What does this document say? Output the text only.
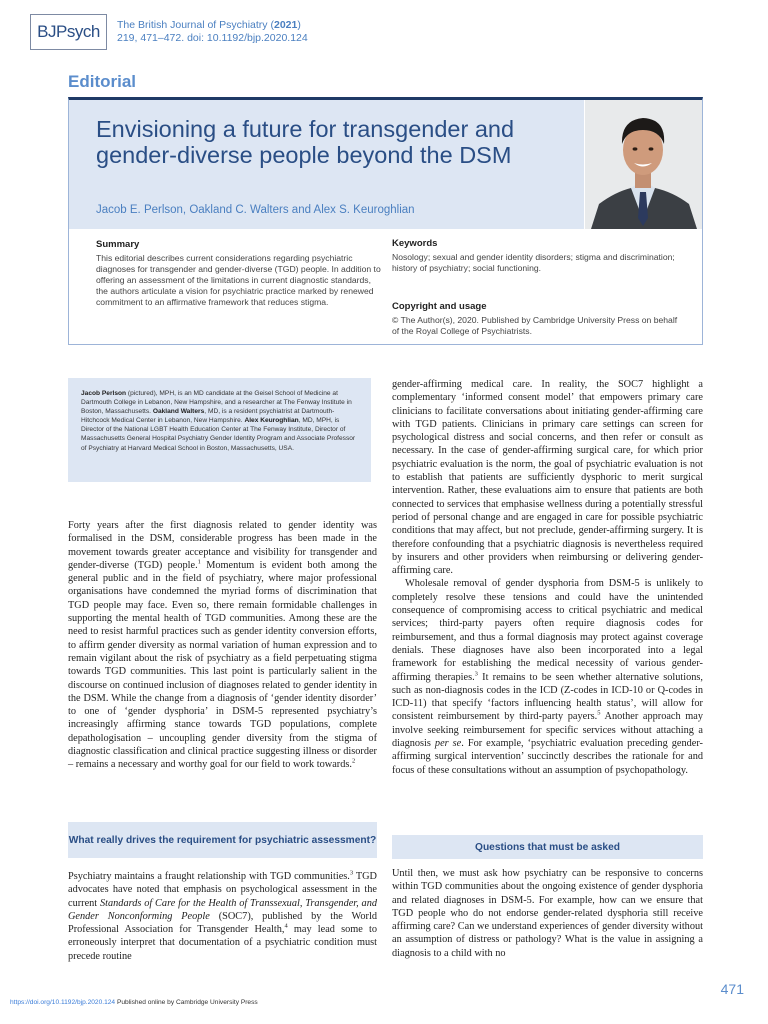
BJPsych The British Journal of Psychiatry (2021)
219, 471–472. doi: 10.1192/bjp.2020.124
Editorial
Envisioning a future for transgender and gender-diverse people beyond the DSM
Jacob E. Perlson, Oakland C. Walters and Alex S. Keuroghlian
Summary
This editorial describes current considerations regarding psychiatric diagnoses for transgender and gender-diverse (TGD) people. In addition to offering an assessment of the limitations in current diagnostic standards, the authors articulate a vision for psychiatric practice marked by renewed commitment to an affirmative framework that reduces stigma.
Keywords
Nosology; sexual and gender identity disorders; stigma and discrimination; history of psychiatry; social functioning.
Copyright and usage
© The Author(s), 2020. Published by Cambridge University Press on behalf of the Royal College of Psychiatrists.
Jacob Perlson (pictured), MPH, is an MD candidate at the Geisel School of Medicine at Dartmouth College in Lebanon, New Hampshire, and a researcher at The Fenway Institute in Boston, Massachusetts. Oakland Walters, MD, is a resident psychiatrist at Dartmouth-Hitchcock Medical Center in Lebanon, New Hampshire. Alex Keuroghlian, MD, MPH, is Director of the National LGBT Health Education Center at The Fenway Institute, Director of Massachusetts General Hospital Psychiatry Gender Identity Program and Associate Professor of Psychiatry at Harvard Medical School in Boston, Massachusetts, USA.

Forty years after the first diagnosis related to gender identity was formalised in the DSM, considerable progress has been made in the movement towards greater acceptance and visibility for transgender and gender-diverse (TGD) people.$^1$ Momentum is evident both among the general public and in the field of psychiatry, where major professional organisations have condemned the myriad forms of discrimination that TGD people may face. Even so, there remain formidable challenges in supporting the mental health of TGD communities. Among these are the need to resist harmful practices such as gender identity conversion efforts, to affirm gender diversity as normal variation of human expression and to remain vigilant about the risk of psychiatry as a field perpetuating stigma towards TGD communities. This last point is particularly salient in the discourse on continued inclusion of diagnoses related to gender identity in the DSM. While the change from a diagnosis of ‘gender identity disorder’ to one of ‘gender dysphoria’ in DSM-5 represented psychiatry’s increasingly affirming stance towards TGD populations, complete depathologisation – uncoupling gender diversity from the stigma of diagnostic classification and clinical practice suggesting illness or disorder – remains a necessary and worthy goal for our field to work towards.$^2$

What really drives the requirement for psychiatric assessment?

Psychiatry maintains a fraught relationship with TGD communities.$^3$ TGD advocates have noted that emphasis on psychological assessment in the current Standards of Care for the Health of Transsexual, Transgender, and Gender Nonconforming People (SOC7), published by the World Professional Association for Transgender Health,$^4$ may lead some to erroneously interpret that documentation of a psychiatric condition must precede routine

gender-affirming medical care. In reality, the SOC7 highlight a complementary ‘informed consent model’ that empowers primary care clinicians to facilitate conversations about initiating gender-affirming care with TGD patients. Clinicians in primary care settings can screen for psychological distress and social concerns, and then refer or consult as necessary. In the case of gender-affirming surgical care, for which prior psychiatric evaluation is the norm, the goal of psychiatric evaluation is not to establish that patients are sufficiently dysphoric to merit surgical intervention. Rather, these evaluations aim to ensure that patients are both connected to services that emphasise wellness during a potentially stressful period of personal change and are engaged in care for possible psychiatric conditions that may affect, but not preclude, gender-affirming surgery. It is therefore confounding that a psychiatric diagnosis is nevertheless required by insurers and other providers when reimbursing or delivering gender-affirming care.

Wholesale removal of gender dysphoria from DSM-5 is unlikely to completely resolve these tensions and could have the unintended consequence of compromising access to critical psychiatric and medical services; third-party payers often require diagnosis codes for reimbursement, and thus a formal diagnosis may protect against coverage denials. These diagnoses have also been incorporated into a legal framework for establishing the medical necessity of various gender-affirming therapies.$^3$ It remains to be seen whether alternative solutions, such as non-diagnosis codes in the ICD (Z-codes in ICD-10 or Q-codes in ICD-11) that specify ‘factors influencing health status’, will allow for consistent reimbursement by third-party payers.$^5$ Another approach may involve seeking reimbursement for specific services without attaching a diagnosis per se. For example, ‘psychiatric evaluation preceding gender-affirming surgical intervention’ succinctly describes the rationale for and focus of these consultations without an assumption of psychopathology.

Questions that must be asked
Until then, we must ask how psychiatry can be responsive to concerns within TGD communities about the ongoing existence of gender dysphoria and related diagnoses in DSM-5. For example, how can we ensure that TGD people who do not endorse gender-related dysphoria still receive affirming care? Can we understand experiences of gender diversity without an assumption of distress or pathology? What is the value in assigning a diagnosis to a child with no
https://doi.org/10.1192/bjp.2020.124 Published online by Cambridge University Press
471
